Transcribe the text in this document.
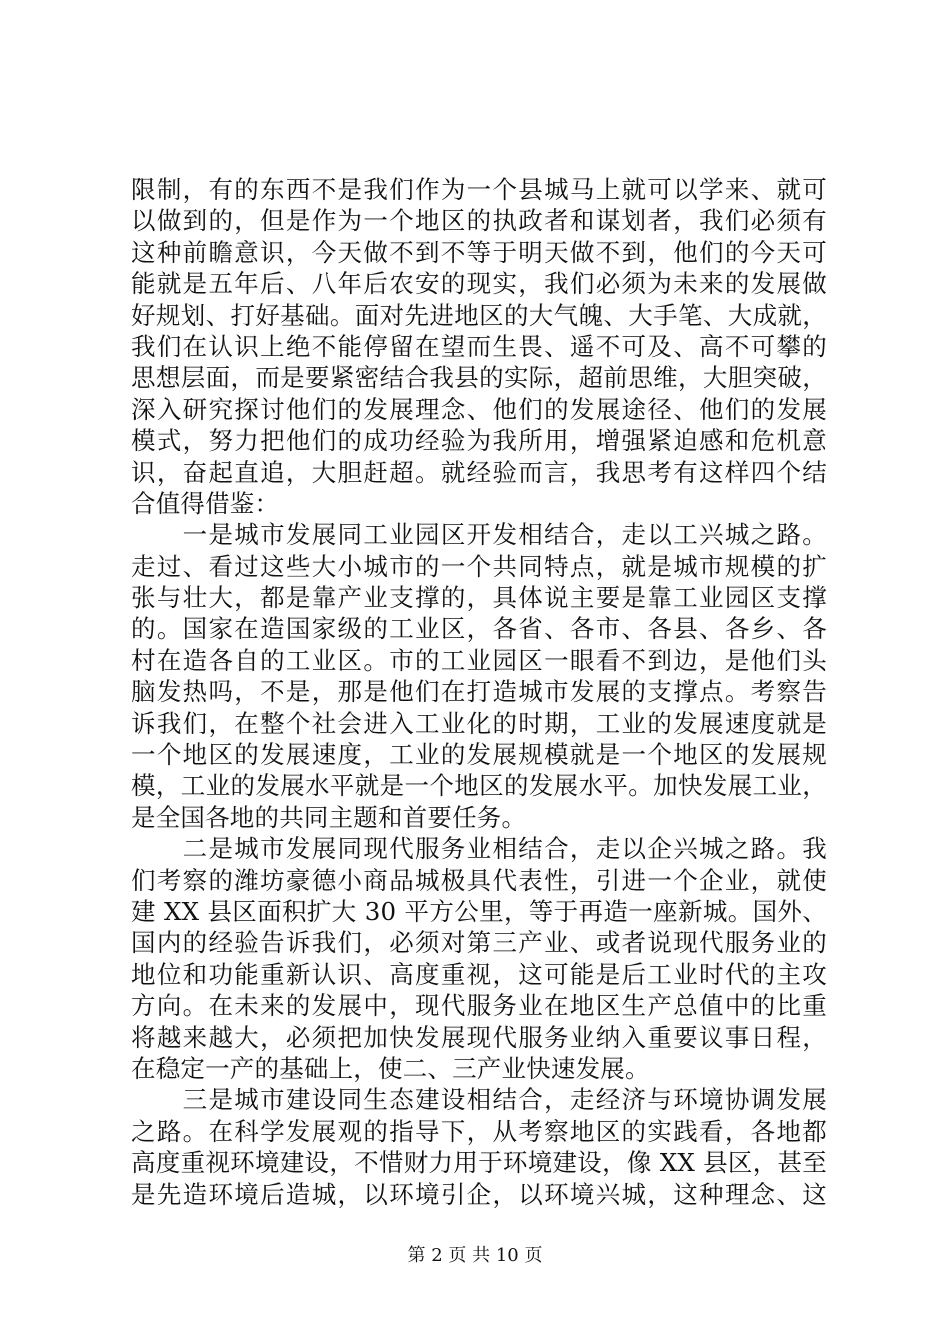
限制，有的东西不是我们作为一个县城马上就可以学来、就可
以做到的，但是作为一个地区的执政者和谋划者，我们必须有
这种前瞻意识，今天做不到不等于明天做不到，他们的今天可
能就是五年后、八年后农安的现实，我们必须为未来的发展做
好规划、打好基础。面对先进地区的大气魄、大手笔、大成就，
我们在认识上绝不能停留在望而生畏、遥不可及、高不可攀的
思想层面，而是要紧密结合我县的实际，超前思维，大胆突破，
深入研究探讨他们的发展理念、他们的发展途径、他们的发展
模式，努力把他们的成功经验为我所用，增强紧迫感和危机意
识，奋起直追，大胆赶超。就经验而言，我思考有这样四个结
合值得借鉴：
　　一是城市发展同工业园区开发相结合，走以工兴城之路。
走过、看过这些大小城市的一个共同特点，就是城市规模的扩
张与壮大，都是靠产业支撑的，具体说主要是靠工业园区支撑
的。国家在造国家级的工业区，各省、各市、各县、各乡、各
村在造各自的工业区。市的工业园区一眼看不到边，是他们头
脑发热吗，不是，那是他们在打造城市发展的支撑点。考察告
诉我们，在整个社会进入工业化的时期，工业的发展速度就是
一个地区的发展速度，工业的发展规模就是一个地区的发展规
模，工业的发展水平就是一个地区的发展水平。加快发展工业，
是全国各地的共同主题和首要任务。
　　二是城市发展同现代服务业相结合，走以企兴城之路。我
们考察的潍坊豪德小商品城极具代表性，引进一个企业，就使
建 XX 县区面积扩大 30 平方公里，等于再造一座新城。国外、
国内的经验告诉我们，必须对第三产业、或者说现代服务业的
地位和功能重新认识、高度重视，这可能是后工业时代的主攻
方向。在未来的发展中，现代服务业在地区生产总值中的比重
将越来越大，必须把加快发展现代服务业纳入重要议事日程，
在稳定一产的基础上，使二、三产业快速发展。
　　三是城市建设同生态建设相结合，走经济与环境协调发展
之路。在科学发展观的指导下，从考察地区的实践看，各地都
高度重视环境建设，不惜财力用于环境建设，像 XX 县区，甚至
是先造环境后造城，以环境引企，以环境兴城，这种理念、这
第 2 页 共 10 页
